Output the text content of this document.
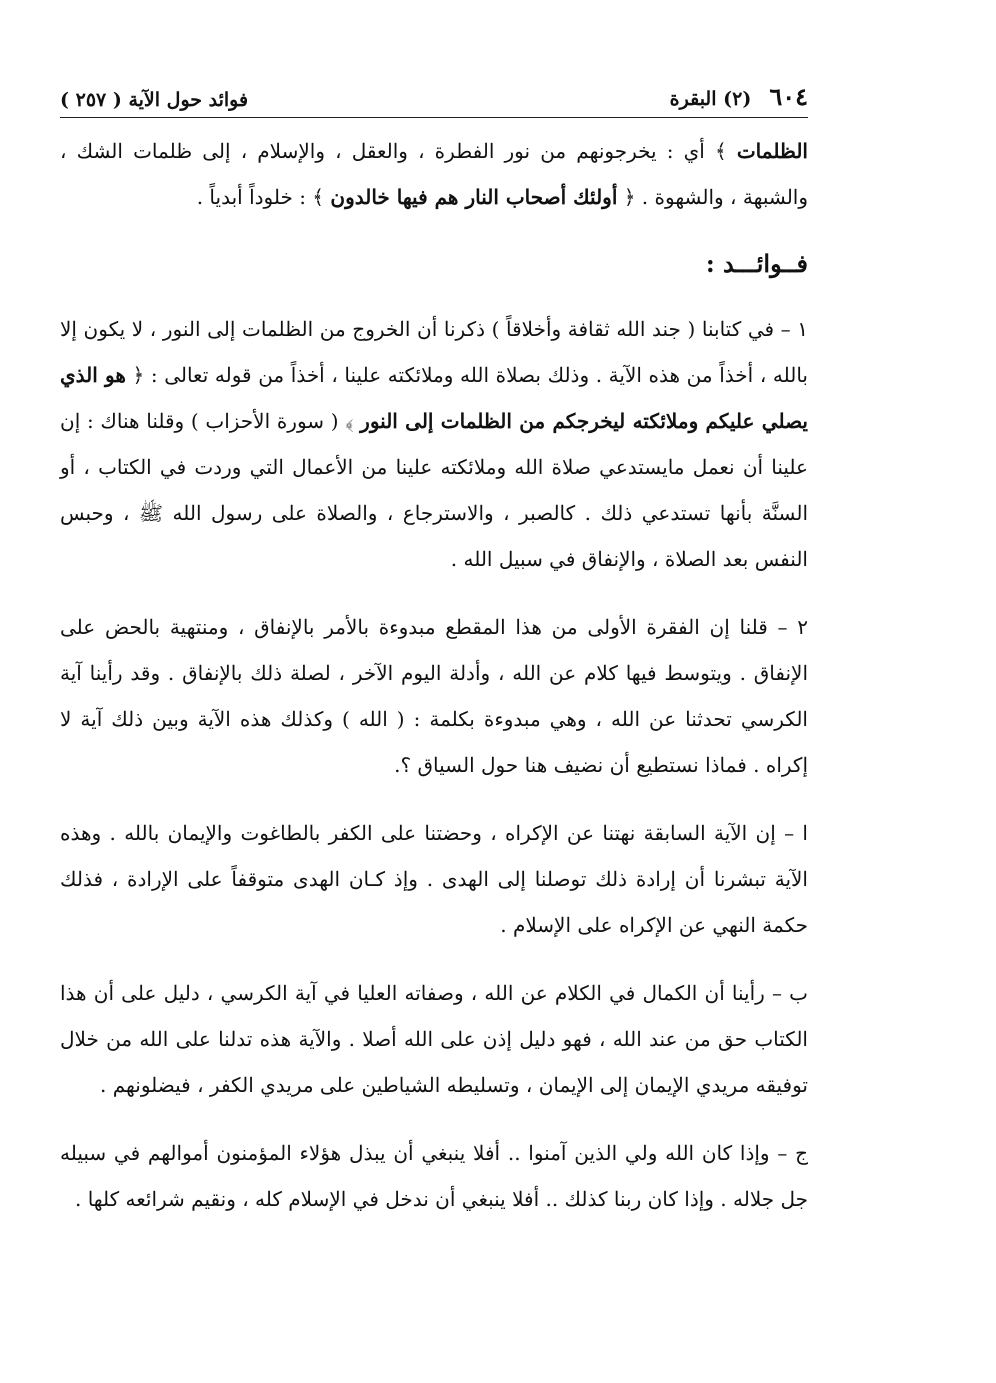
٦٠٤
(٢) البقرة
فوائد حول الآية ( ٢٥٧ )

الظلمات ﴾ أي : يخرجونهم من نور الفطرة ، والعقل ، والإسلام ، إلى ظلمات الشك ، والشبهة ، والشهوة . ﴿ أولئك أصحاب النار هم فيها خالدون ﴾ : خلوداً أبدياً .

فــوائـــد :

١ – في كتابنا ( جند الله ثقافة وأخلاقاً ) ذكرنا أن الخروج من الظلمات إلى النور ، لا يكون إلا بالله ، أخذاً من هذه الآية . وذلك بصلاة الله وملائكته علينا ، أخذاً من قوله تعالى : ﴿ هو الذي يصلي عليكم وملائكته ليخرجكم من الظلمات إلى النور ﴾ ( سورة الأحزاب ) وقلنا هناك : إن علينا أن نعمل مايستدعي صلاة الله وملائكته علينا من الأعمال التي وردت في الكتاب ، أو السنَّة بأنها تستدعي ذلك . كالصبر ، والاسترجاع ، والصلاة على رسول الله ﷺ ، وحبس النفس بعد الصلاة ، والإنفاق في سبيل الله .

٢ – قلنا إن الفقرة الأولى من هذا المقطع مبدوءة بالأمر بالإنفاق ، ومنتهية بالحض على الإنفاق . ويتوسط فيها كلام عن الله ، وأدلة اليوم الآخر ، لصلة ذلك بالإنفاق . وقد رأينا آية الكرسي تحدثنا عن الله ، وهي مبدوءة بكلمة : ( الله ) وكذلك هذه الآية وبين ذلك آية لا إكراه . فماذا نستطيع أن نضيف هنا حول السياق ؟.

ا – إن الآية السابقة نهتنا عن الإكراه ، وحضتنا على الكفر بالطاغوت والإيمان بالله . وهذه الآية تبشرنا أن إرادة ذلك توصلنا إلى الهدى . وإذ كـان الهدى متوقفاً على الإرادة ، فذلك حكمة النهي عن الإكراه على الإسلام .

ب – رأينا أن الكمال في الكلام عن الله ، وصفاته العليا في آية الكرسي ، دليل على أن هذا الكتاب حق من عند الله ، فهو دليل إذن على الله أصلا . والآية هذه تدلنا على الله من خلال توفيقه مريدي الإيمان إلى الإيمان ، وتسليطه الشياطين على مريدي الكفر ، فيضلونهم .

ج – وإذا كان الله ولي الذين آمنوا .. أفلا ينبغي أن يبذل هؤلاء المؤمنون أموالهم في سبيله جل جلاله . وإذا كان ربنا كذلك .. أفلا ينبغي أن ندخل في الإسلام كله ، ونقيم شرائعه كلها .
